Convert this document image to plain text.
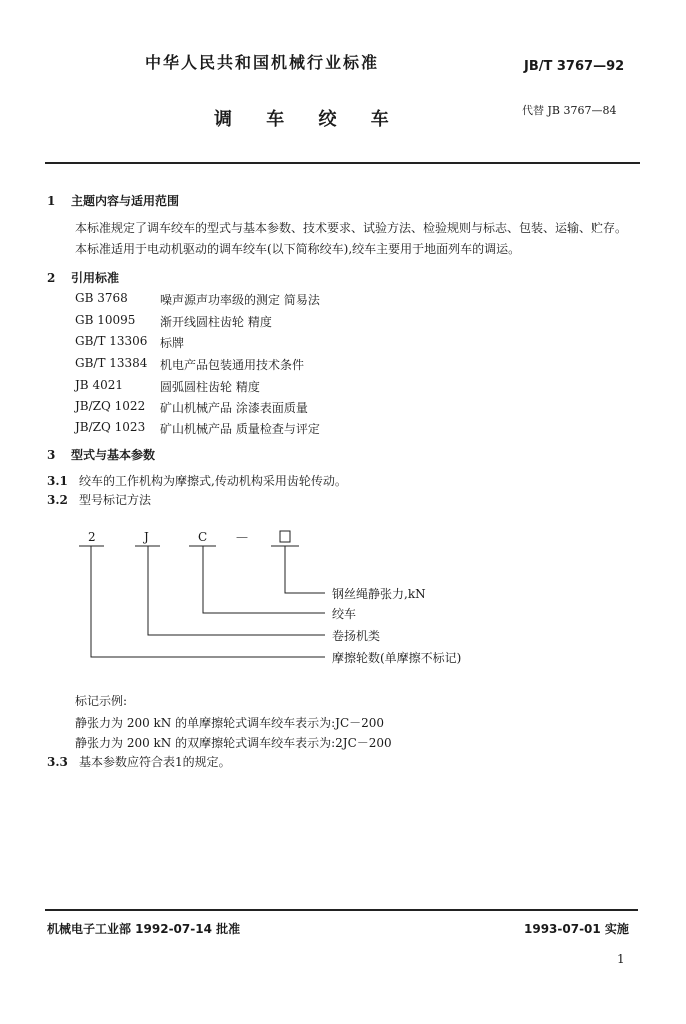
中华人民共和国机械行业标准	JB/T 3767—92
调 车 绞 车	代替 JB 3767—84
1 主题内容与适用范围
本标准规定了调车绞车的型式与基本参数、技术要求、试验方法、检验规则与标志、包装、运输、贮存。
本标准适用于电动机驱动的调车绞车(以下简称绞车),绞车主要用于地面列车的调运。
2 引用标准
GB 3768	噪声源声功率级的测定 简易法
GB 10095 渐开线圆柱齿轮 精度
GB/T 13306 标牌
GB/T 13384 机电产品包装通用技术条件
JB 4021	圆弧圆柱齿轮 精度
JB/ZQ 1022 矿山机械产品 涂漆表面质量
JB/ZQ 1023 矿山机械产品 质量检查与评定
3 型式与基本参数
3.1 绞车的工作机构为摩擦式,传动机构采用齿轮传动。
3.2 型号标记方法
2	J	C —
钢丝绳静张力,kN
绞车
卷扬机类
摩擦轮数(单摩擦不标记)
标记示例:
静张力为 200 kN 的单摩擦轮式调车绞车表示为:JC－200
静张力为 200 kN 的双摩擦轮式调车绞车表示为:2JC－200
3.3 基本参数应符合表1的规定。
机械电子工业部 1992-07-14 批准	1993-07-01 实施
1
